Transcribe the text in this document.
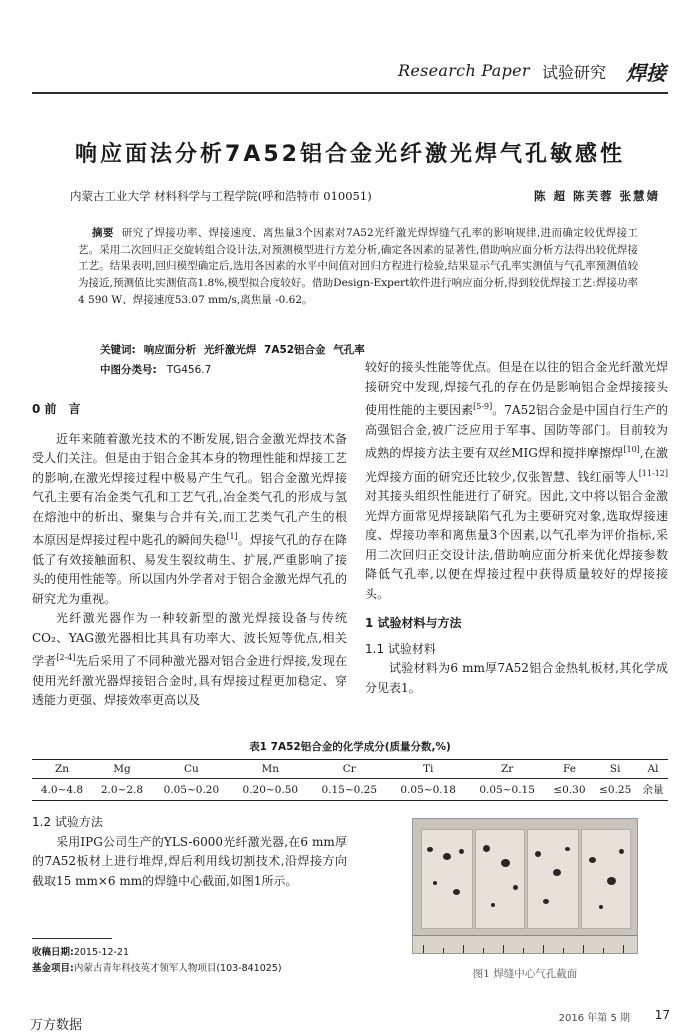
Research Paper 试验研究 焊接
响应面法分析7A52铝合金光纤激光焊气孔敏感性
内蒙古工业大学 材料科学与工程学院(呼和浩特市 010051)	陈 超 陈芙蓉 张慧婧
摘要 研究了焊接功率、焊接速度、离焦量3个因素对7A52光纤激光焊焊缝气孔率的影响规律,进而确定较优焊接工艺。采用二次回归正交旋转组合设计法,对预测模型进行方差分析,确定各因素的显著性,借助响应面分析方法得出较优焊接工艺。结果表明,回归模型确定后,选用各因素的水平中间值对回归方程进行检验,结果显示气孔率实测值与气孔率预测值较为接近,预测值比实测值高1.8%,模型拟合度较好。借助Design-Expert软件进行响应面分析,得到较优焊接工艺:焊接功率4 590 W、焊接速度53.07 mm/s,离焦量 -0.62。
关键词: 响应面分析 光纤激光焊 7A52铝合金 气孔率
中图分类号: TG456.7
0 前　言

近年来随着激光技术的不断发展,铝合金激光焊技术备受人们关注。但是由于铝合金其本身的物理性能和焊接工艺的影响,在激光焊接过程中极易产生气孔。铝合金激光焊接气孔主要有冶金类气孔和工艺气孔,冶金类气孔的形成与氢在熔池中的析出、聚集与合并有关,而工艺类气孔产生的根本原因是焊接过程中匙孔的瞬间失稳[1]。焊接气孔的存在降低了有效接触面积、易发生裂纹萌生、扩展,严重影响了接头的使用性能等。所以国内外学者对于铝合金激光焊气孔的研究尤为重视。

光纤激光器作为一种较新型的激光焊接设备与传统CO₂、YAG激光器相比其具有功率大、波长短等优点,相关学者[2-4]先后采用了不同种激光器对铝合金进行焊接,发现在使用光纤激光器焊接铝合金时,具有焊接过程更加稳定、穿透能力更强、焊接效率更高以及

较好的接头性能等优点。但是在以往的铝合金光纤激光焊接研究中发现,焊接气孔的存在仍是影响铝合金焊接接头使用性能的主要因素[5-9]。7A52铝合金是中国自行生产的高强铝合金,被广泛应用于军事、国防等部门。目前较为成熟的焊接方法主要有双丝MIG焊和搅拌摩擦焊[10],在激光焊接方面的研究还比较少,仅张智慧、钱红丽等人[11-12]对其接头组织性能进行了研究。因此,文中将以铝合金激光焊方面常见焊接缺陷气孔为主要研究对象,选取焊接速度、焊接功率和离焦量3个因素,以气孔率为评价指标,采用二次回归正交设计法,借助响应面分析来优化焊接参数降低气孔率,以便在焊接过程中获得质量较好的焊接接头。

1 试验材料与方法
1.1 试验材料

试验材料为6 mm厚7A52铝合金热轧板材,其化学成分见表1。

表1 7A52铝合金的化学成分(质量分数,%)
Zn	Mg	Cu	Mn	Cr	Ti	Zr	Fe	Si	Al
4.0~4.8	2.0~2.8	0.05~0.20	0.20~0.50	0.15~0.25	0.05~0.18	0.05~0.15	≤0.30	≤0.25	余量
1.2 试验方法

采用IPG公司生产的YLS-6000光纤激光器,在6 mm厚的7A52板材上进行堆焊,焊后利用线切割技术,沿焊接方向截取15 mm×6 mm的焊缝中心截面,如图1所示。

图1 焊缝中心气孔截面
收稿日期:2015-12-21
基金项目:内蒙古青年科技英才领军人物项目(103-841025)
2016 年第 5 期 17
万方数据
